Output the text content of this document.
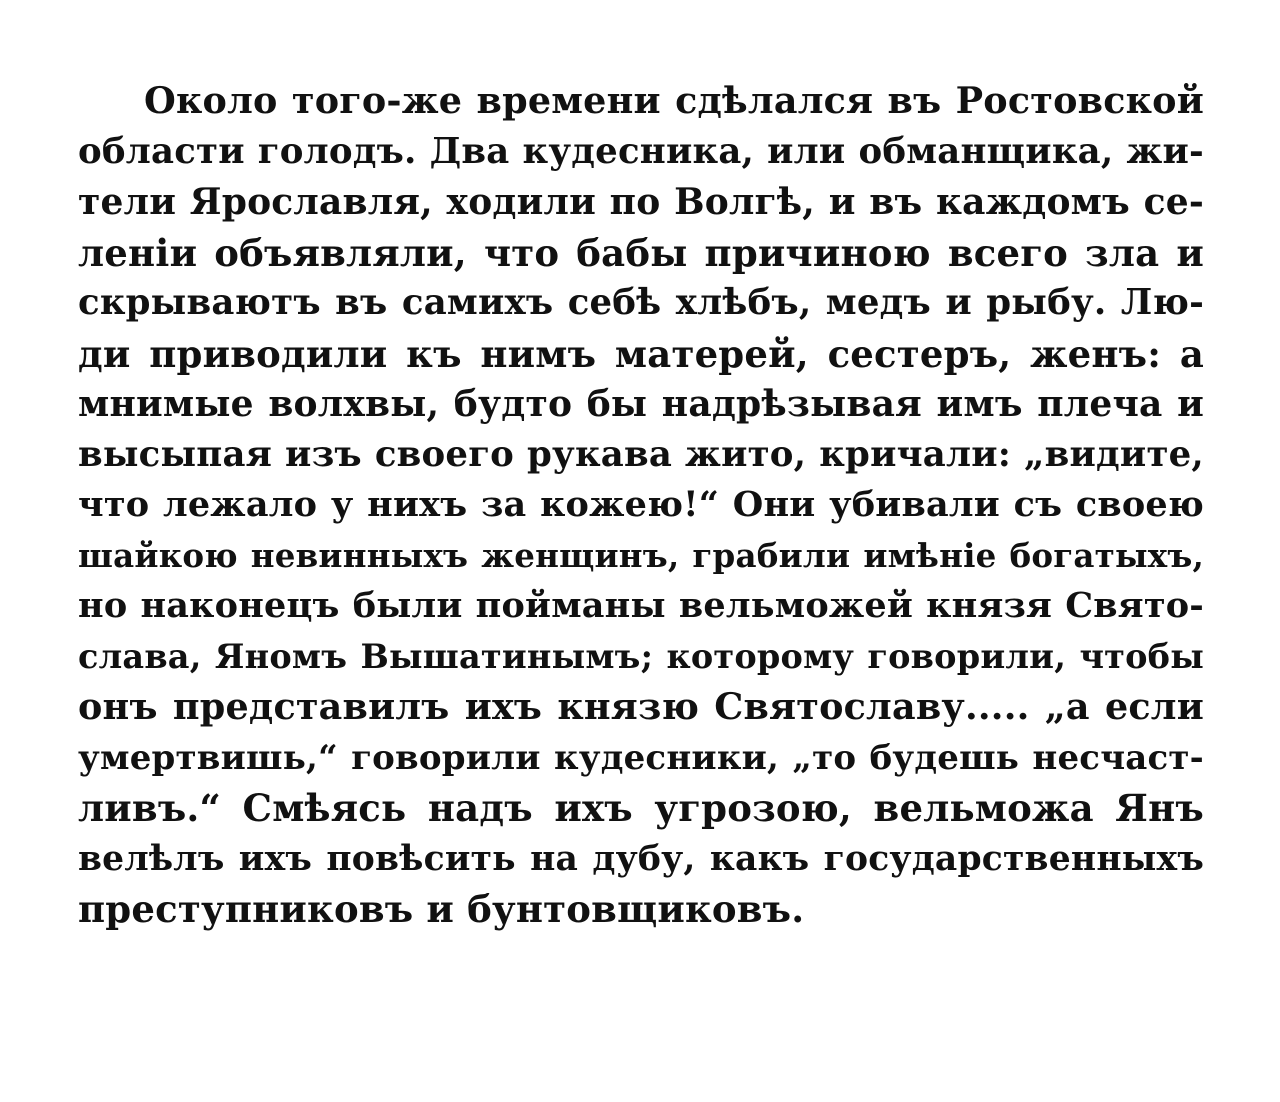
Около того-же времени сдѣлался въ Ростовской
области голодъ. Два кудесника, или обманщика, жи-
тели Ярославля, ходили по Волгѣ, и въ каждомъ се-
ленiи объявляли, что бабы причиною всего зла и
скрываютъ въ самихъ себѣ хлѣбъ, медъ и рыбу. Лю-
ди приводили къ нимъ матерей, сестеръ, женъ: а
мнимые волхвы, будто бы надрѣзывая имъ плеча и
высыпая изъ своего рукава жито, кричали: „видите,
что лежало у нихъ за кожею!“ Они убивали съ своею
шайкою невинныхъ женщинъ, грабили имѣнiе богатыхъ,
но наконецъ были пойманы вельможей князя Свято-
слава, Яномъ Вышатинымъ; которому говорили, чтобы
онъ представилъ ихъ князю Святославу..... „а если
умертвишь,“ говорили кудесники, „то будешь несчаст-
ливъ.“ Смѣясь надъ ихъ угрозою, вельможа Янъ
велѣлъ ихъ повѣсить на дубу, какъ государственныхъ
преступниковъ и бунтовщиковъ.
